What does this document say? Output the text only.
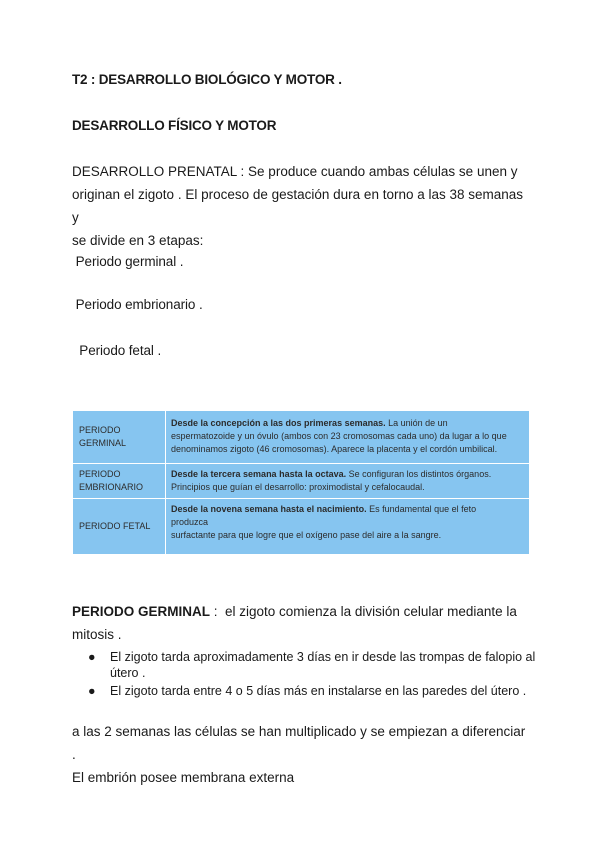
T2 : DESARROLLO BIOLÓGICO Y MOTOR .
DESARROLLO FÍSICO Y MOTOR
DESARROLLO PRENATAL : Se produce cuando ambas células se unen y
originan el zigoto . El proceso de gestación dura en torno a las 38 semanas y
se divide en 3 etapas:
Periodo germinal .
Periodo embrionario .
Periodo fetal .
PERIODO
GERMINAL
Desde la concepción a las dos primeras semanas. La unión de un
espermatozoide y un óvulo (ambos con 23 cromosomas cada uno) da lugar a lo que
denominamos zigoto (46 cromosomas). Aparece la placenta y el cordón umbilical.
PERIODO
EMBRIONARIO
Desde la tercera semana hasta la octava. Se configuran los distintos órganos.
Principios que guían el desarrollo: proximodistal y cefalocaudal.
PERIODO FETAL
Desde la novena semana hasta el nacimiento. Es fundamental que el feto
produzca
surfactante para que logre que el oxígeno pase del aire a la sangre.
PERIODO GERMINAL :  el zigoto comienza la división celular mediante la
mitosis .
● El zigoto tarda aproximadamente 3 días en ir desde las trompas de falopio al
útero .
● El zigoto tarda entre 4 o 5 días más en instalarse en las paredes del útero .
a las 2 semanas las células se han multiplicado y se empiezan a diferenciar .
El embrión posee membrana externa
